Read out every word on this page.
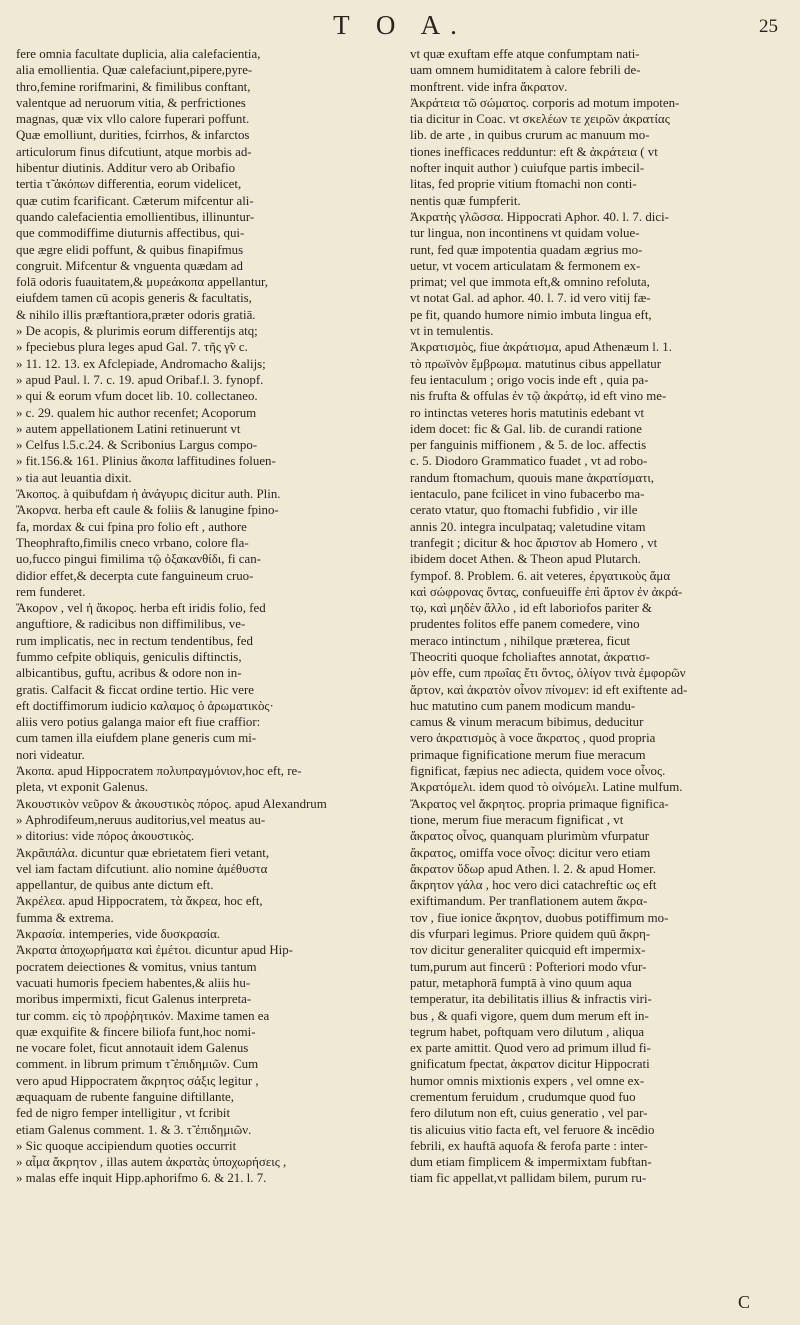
T O A.	25
fere omnia facultate duplicia, alia calefacientia,
alia emollientia. Quæ calefaciunt,pipere,pyre-
thro,femine rorifmarini, & fimilibus conftant,
valentque ad neruorum vitia, & perfrictiones
magnas, quæ vix vllo calore fuperari poffunt.
Quæ emolliunt, durities, fcirrhos, & infarctos
articulorum finus difcutiunt, atque morbis ad-
hibentur diutinis. Additur vero ab Oribafio
tertia τ̃ ἀκόπων differentia, eorum videlicet,
quæ cutim fcarificant. Cæterum mifcentur ali-
quando calefacientia emollientibus, illinuntur-
que commodiffime diuturnis affectibus, qui-
que ægre elidi poffunt, & quibus finapifmus
congruit. Mifcentur & vnguenta quædam ad
folā odoris fuauitatem,& μυρεάκοπα appellantur,
eiufdem tamen cū acopis generis & facultatis,
& nihilo illis præftantiora,præter odoris gratiā.
» De acopis, & plurimis eorum differentijs atq;
» fpeciebus plura leges apud Gal. 7. τῆς γ̃ν c.
» 11. 12. 13. ex Afclepiade, Andromacho &alijs;
» apud Paul. l. 7. c. 19. apud Oribaf.l. 3. fynopf.
» qui & eorum vfum docet lib. 10. collectaneo.
» c. 29. qualem hic author recenfet; Acoporum
» autem appellationem Latini retinuerunt vt
» Celfus l.5.c.24. & Scribonius Largus compo-
» fit.156.& 161. Plinius ἄκοπα laffitudines foluen-
» tia aut leuantia dixit.
Ἄκοπος. à quibufdam ἡ ἀνάγυρις dicitur auth. Plin.
Ἄκορνα. herba eft caule & foliis & lanugine fpino-
fa, mordax & cui fpina pro folio eft , authore
Theophrafto,fimilis cneco vrbano, colore fla-
uo,fucco pingui fimilima τῷ ὀξακανθίδι, fi can-
didior effet,& decerpta cute fanguineum cruo-
rem funderet.
Ἄκορον , vel ἡ ἄκορος. herba eft iridis folio, fed
anguftiore, & radicibus non diffimilibus, ve-
rum implicatis, nec in rectum tendentibus, fed
fummo cefpite obliquis, geniculis diftinctis,
albicantibus, guftu, acribus & odore non in-
gratis. Calfacit & ficcat ordine tertio. Hic vere
eft doctiffimorum iudicio καλαμος ὁ ἀρωματικὸς·
aliis vero potius galanga maior eft fiue craffior:
cum tamen illa eiufdem plane generis cum mi-
nori videatur.
Ἀκοπα. apud Hippocratem πολυπραγμόνιον,hoc eft, re-
pleta, vt exponit Galenus.
Ἀκουστικὸν νεῦρον & ἀκουστικὸς πόρος. apud Alexandrum
» Aphrodifeum,neruus auditorius,vel meatus au-
» ditorius: vide πόρος ἀκουστικὸς.
Ἀκρᾶιπάλα. dicuntur quæ ebrietatem fieri vetant,
vel iam factam difcutiunt. alio nomine ἀμέθυστα
appellantur, de quibus ante dictum eft.
Ἀκρέλεα. apud Hippocratem, τὰ ἄκρεα, hoc eft,
fumma & extrema.
Ἀκρασία. intemperies, vide δυσκρασία.
Ἀκρατα ἀποχωρήματα καὶ ἐμέτοι. dicuntur apud Hip-
pocratem deiectiones & vomitus, vnius tantum
vacuati humoris fpeciem habentes,& aliis hu-
moribus impermixti, ficut Galenus interpreta-
tur comm. εἰς τὸ προῤῥητικόν. Maxime tamen ea
quæ exquifite & fincere biliofa funt,hoc nomi-
ne vocare folet, ficut annotauit idem Galenus
comment. in librum primum τ̃ ἐπιδημιῶν. Cum
vero apud Hippocratem ἄκρητος σάξις legitur ,
æquaquam de rubente fanguine diftillante,
fed de nigro femper intelligitur , vt fcribit
etiam Galenus comment. 1. & 3. τ̃ ἐπιδημιῶν.
» Sic quoque accipiendum quoties occurrit
» αἷμα ἄκρητον , illas autem ἀκρατὰς ὑποχωρήσεις ,
» malas effe inquit Hipp.aphorifmo 6. & 21. l. 7.
vt quæ exuftam effe atque confumptam nati-
uam omnem humiditatem à calore febrili de-
monftrent. vide infra ἄκρατον.
Ἀκράτεια τῶ σώματος. corporis ad motum impoten-
tia dicitur in Coac. vt σκελέων τε χειρῶν ἀκρατίας
lib. de arte , in quibus crurum ac manuum mo-
tiones inefficaces redduntur: eft & ἀκράτεια ( vt
nofter inquit author ) cuiufque partis imbecil-
litas, fed proprie vitium ftomachi non conti-
nentis quæ fumpferit.
Ἀκρατὴς γλῶσσα. Hippocrati Aphor. 40. l. 7. dici-
tur lingua, non incontinens vt quidam volue-
runt, fed quæ impotentia quadam ægrius mo-
uetur, vt vocem articulatam & fermonem ex-
primat; vel que immota eft,& omnino refoluta,
vt notat Gal. ad aphor. 40. l. 7. id vero vitij fæ-
pe fit, quando humore nimio imbuta lingua eft,
vt in temulentis.
Ἀκρατισμὸς, fiue ἀκράτισμα, apud Athenæum l. 1.
τὸ πρωϊνὸν ἔμβρωμα. matutinus cibus appellatur
feu ientaculum ; origo vocis inde eft , quia pa-
nis frufta & offulas ἐν τῷ ἀκράτῳ, id eft vino me-
ro intinctas veteres horis matutinis edebant vt
idem docet: fic & Gal. lib. de curandi ratione
per fanguinis miffionem , & 5. de loc. affectis
c. 5. Diodoro Grammatico fuadet , vt ad robo-
randum ftomachum, quouis mane ἀκρατίσματι,
ientaculo, pane fcilicet in vino fubacerbo ma-
cerato vtatur, quo ftomachi fubfidio , vir ille
annis 20. integra inculpataq; valetudine vitam
tranfegit ; dicitur & hoc ἄριστον ab Homero , vt
ibidem docet Athen. & Theon apud Plutarch.
fympof. 8. Problem. 6. ait veteres, ἐργατικοὺς ἅμα
καὶ σώφρονας ὄντας, confueuiffe ἐπὶ ἄρτον ἐν ἀκρά-
τῳ, καὶ μηδὲν ἄλλο , id eft laboriofos pariter &
prudentes folitos effe panem comedere, vino
meraco intinctum , nihilque præterea, ficut
Theocriti quoque fcholiaftes annotat, ἀκρατισ-
μὸν effe, cum πρωΐας ἔτι ὄντος, ὀλίγον τινὰ ἐμφορῶν
ἄρτον, καὶ ἀκρατὸν οἶνον πίνομεν: id eft exiftente ad-
huc matutino cum panem modicum mandu-
camus & vinum meracum bibimus, deducitur
vero ἀκρατισμὸς à voce ἄκρατος , quod propria
primaque fignificatione merum fiue meracum
fignificat, fæpius nec adiecta, quidem voce οἶνος.
Ἀκρατόμελι. idem quod τὸ οἰνόμελι. Latine mulfum.
Ἄκρατος vel ἄκρητος. propria primaque fignifica-
tione, merum fiue meracum fignificat , vt
ἄκρατος οἶνος, quanquam plurimùm vfurpatur
ἄκρατος, omiffa voce οἶνος: dicitur vero etiam
ἄκρατον ὕδωρ apud Athen. l. 2. & apud Homer.
ἄκρητον γάλα , hoc vero dici catachreftic ως eft
exiftimandum. Per tranflationem autem ἄκρα-
τον , fiue ionice ἄκρητον, duobus potiffimum mo-
dis vfurpari legimus. Priore quidem quū ἄκρη-
τον dicitur generaliter quicquid eft impermix-
tum,purum aut fincerū : Pofteriori modo vfur-
patur, metaphorā fumptā à vino quum aqua
temperatur, ita debilitatis illius & infractis viri-
bus , & quafi vigore, quem dum merum eft in-
tegrum habet, poftquam vero dilutum , aliqua
ex parte amittit. Quod vero ad primum illud fi-
gnificatum fpectat, ἀκρατον dicitur Hippocrati
humor omnis mixtionis expers , vel omne ex-
crementum feruidum , crudumque quod fuo
fero dilutum non eft, cuius generatio , vel par-
tis alicuius vitio facta eft, vel feruore & incēdio
febrili, ex hauftā aquofa & ferofa parte : inter-
dum etiam fimplicem & impermixtam fubftan-
tiam fic appellat,vt pallidam bilem, purum ru-
C
